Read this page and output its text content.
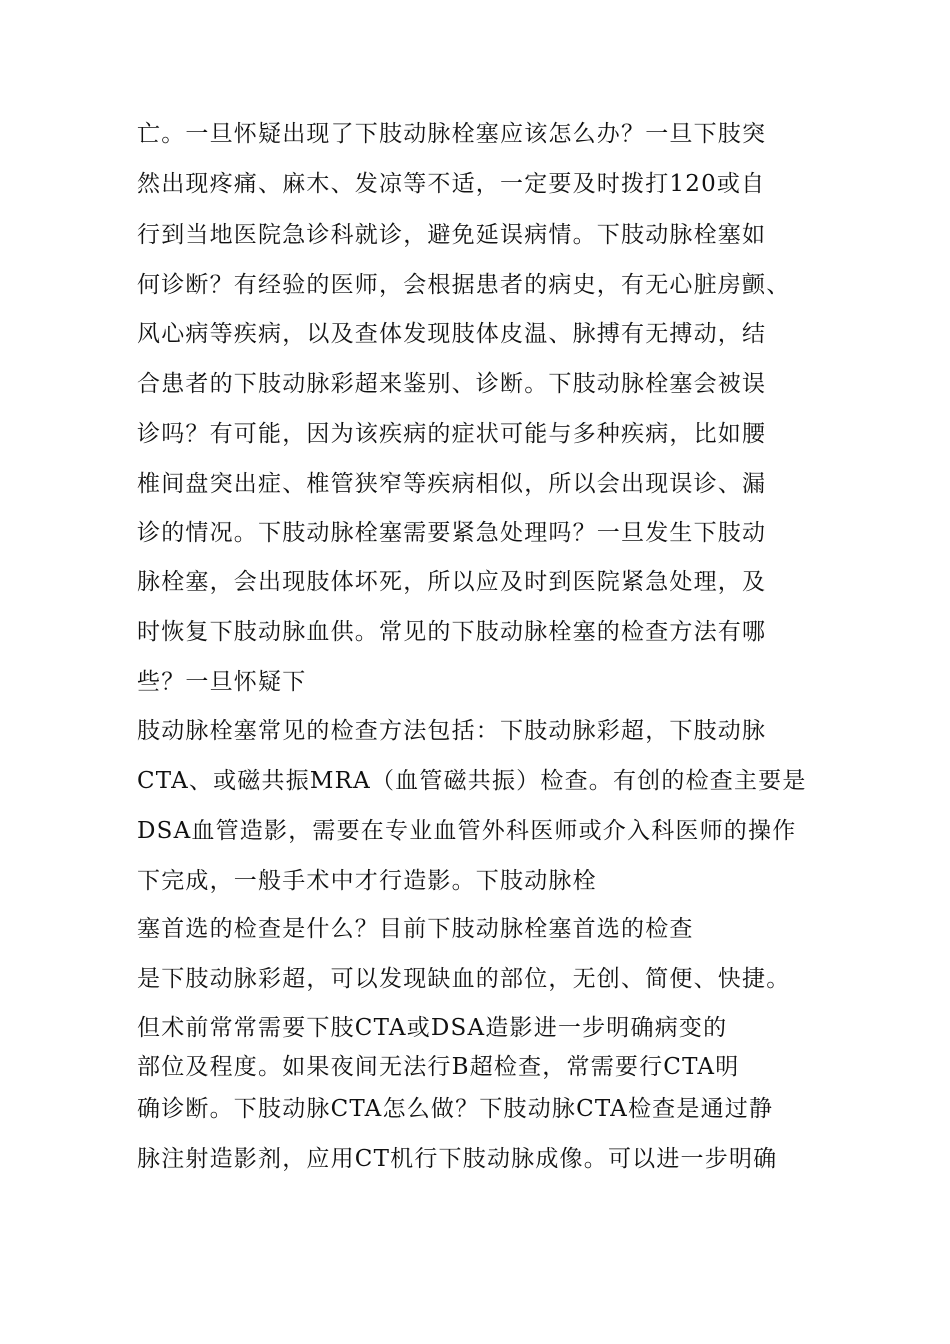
亡。一旦怀疑出现了下肢动脉栓塞应该怎么办？一旦下肢突

然出现疼痛、麻木、发凉等不适，一定要及时拨打120或自

行到当地医院急诊科就诊，避免延误病情。下肢动脉栓塞如

何诊断？有经验的医师，会根据患者的病史，有无心脏房颤、

风心病等疾病，以及查体发现肢体皮温、脉搏有无搏动，结

合患者的下肢动脉彩超来鉴别、诊断。下肢动脉栓塞会被误

诊吗？有可能，因为该疾病的症状可能与多种疾病，比如腰

椎间盘突出症、椎管狭窄等疾病相似，所以会出现误诊、漏

诊的情况。下肢动脉栓塞需要紧急处理吗？一旦发生下肢动

脉栓塞，会出现肢体坏死，所以应及时到医院紧急处理，及

时恢复下肢动脉血供。常见的下肢动脉栓塞的检查方法有哪

些？一旦怀疑下

肢动脉栓塞常见的检查方法包括：下肢动脉彩超，下肢动脉

CTA、或磁共振MRA（血管磁共振）检查。有创的检查主要是

DSA血管造影，需要在专业血管外科医师或介入科医师的操作

下完成，一般手术中才行造影。下肢动脉栓

塞首选的检查是什么？目前下肢动脉栓塞首选的检查

是下肢动脉彩超，可以发现缺血的部位，无创、简便、快捷。

但术前常常需要下肢CTA或DSA造影进一步明确病变的

部位及程度。如果夜间无法行B超检查，常需要行CTA明

确诊断。下肢动脉CTA怎么做？下肢动脉CTA检查是通过静

脉注射造影剂，应用CT机行下肢动脉成像。可以进一步明确
